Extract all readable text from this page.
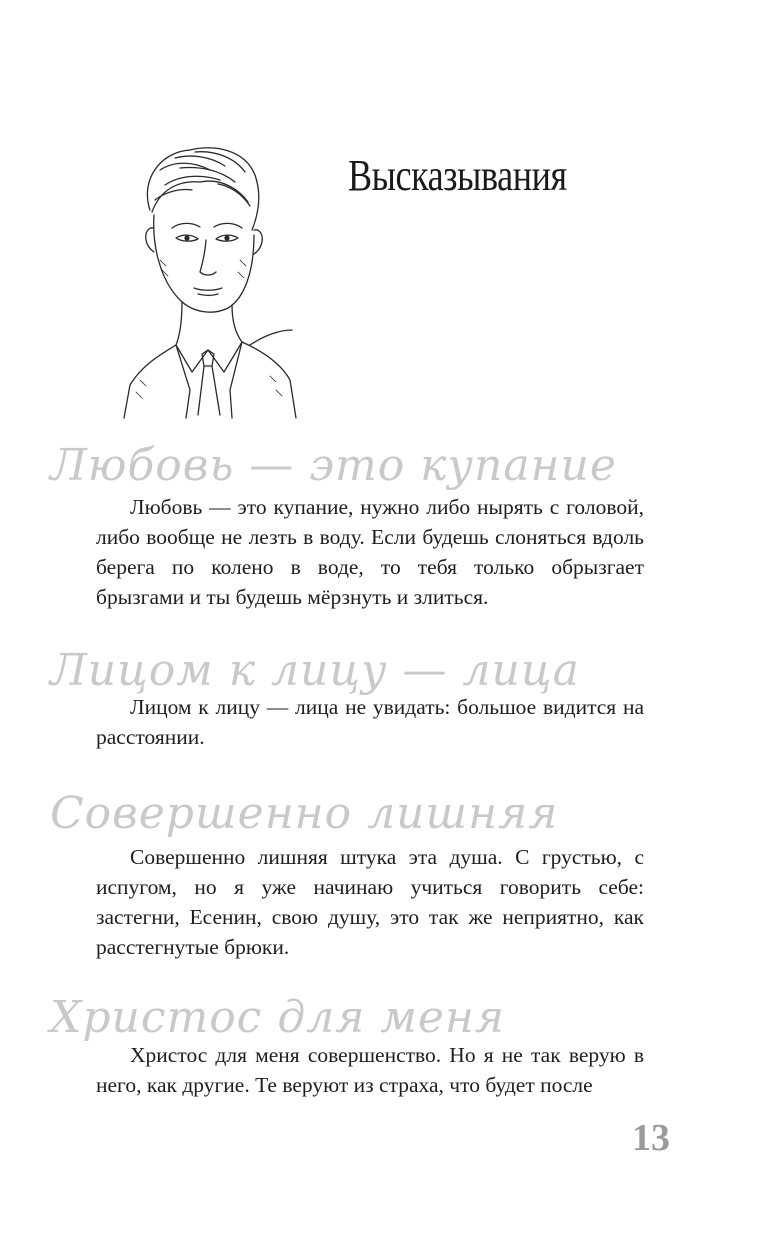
Высказывания
Любовь — это купание

Любовь — это купание, нужно либо нырять с головой, либо вообще не лезть в воду. Если будешь слоняться вдоль берега по колено в воде, то тебя только обрызгает брызгами и ты будешь мёрзнуть и злиться.

Лицом к лицу — лица

Лицом к лицу — лица не увидать: большое видится на расстоянии.

Совершенно лишняя

Совершенно лишняя штука эта душа. С грустью, с испугом, но я уже начинаю учиться говорить себе: застегни, Есенин, свою душу, это так же неприятно, как расстегнутые брюки.

Христос для меня

Христос для меня совершенство. Но я не так верую в него, как другие. Те веруют из страха, что будет после

13
